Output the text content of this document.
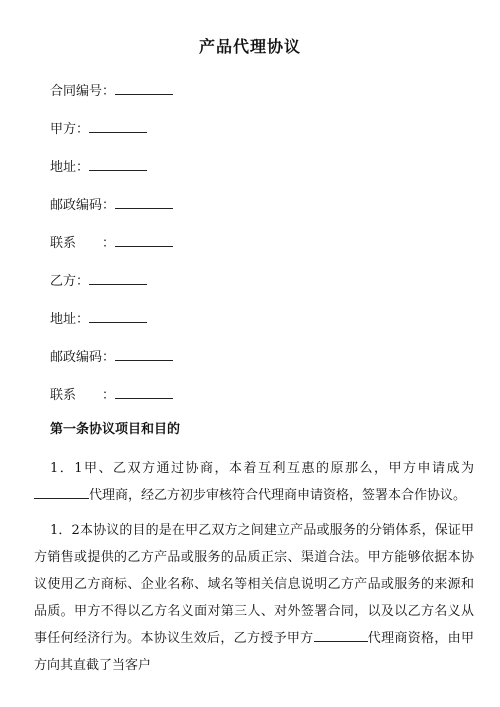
产品代理协议
合同编号：
甲方：
地址：
邮政编码：
联系　　：
乙方：
地址：
邮政编码：
联系　　：
第一条协议项目和目的
1．1甲、乙双方通过协商，本着互利互惠的原那么，甲方申请成为代理商，经乙方初步审核符合代理商申请资格，签署本合作协议。
1．2本协议的目的是在甲乙双方之间建立产品或服务的分销体系，保证甲方销售或提供的乙方产品或服务的品质正宗、渠道合法。甲方能够依据本协议使用乙方商标、企业名称、域名等相关信息说明乙方产品或服务的来源和品质。甲方不得以乙方名义面对第三人、对外签署合同，以及以乙方名义从事任何经济行为。本协议生效后，乙方授予甲方	代理商资格，由甲方向其直截了当客户
